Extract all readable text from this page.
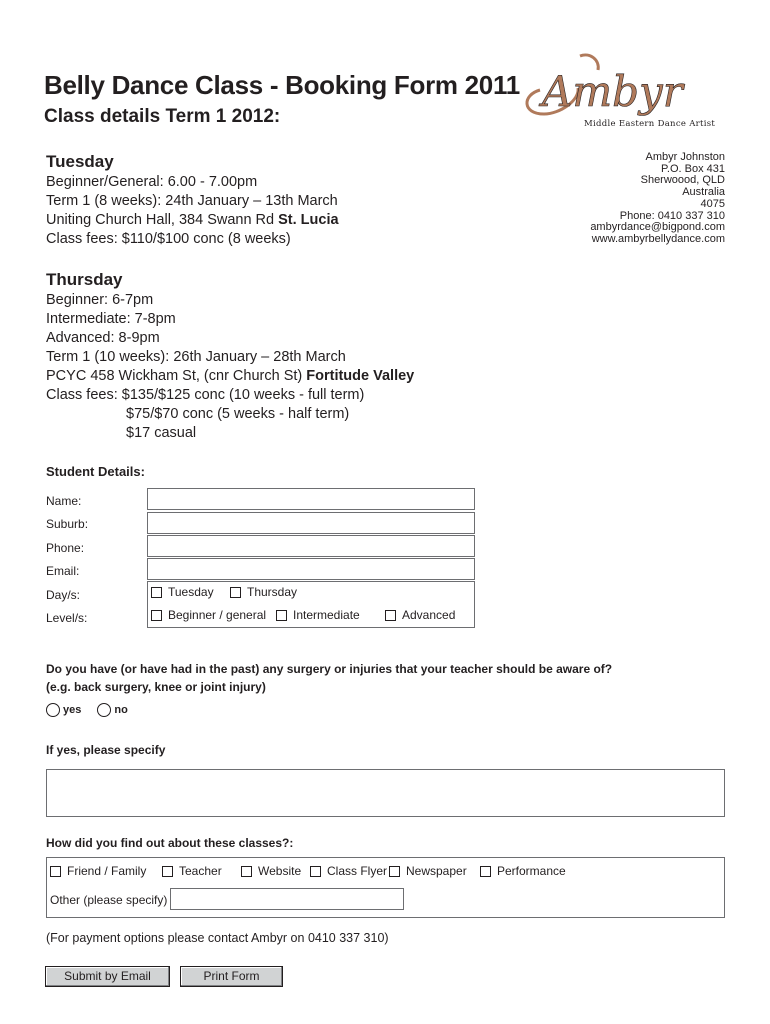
Belly Dance Class - Booking Form 2011
Class details Term 1 2012:
Ambyr
Middle Eastern Dance Artist
Ambyr Johnston
P.O. Box 431
Sherwoood, QLD
Australia
4075
Phone: 0410 337 310
ambyrdance@bigpond.com
www.ambyrbellydance.com
Tuesday
Beginner/General: 6.00 - 7.00pm
Term 1 (8 weeks): 24th January – 13th March
Uniting Church Hall, 384 Swann Rd St. Lucia
Class fees: $110/$100 conc (8 weeks)
Thursday
Beginner: 6-7pm
Intermediate: 7-8pm
Advanced: 8-9pm
Term 1 (10 weeks): 26th January – 28th March
PCYC 458 Wickham St, (cnr Church St) Fortitude Valley
Class fees: $135/$125 conc (10 weeks - full term)
$75/$70 conc (5 weeks - half term)
$17 casual
Student Details:
Name:
Suburb:
Phone:
Email:
Day/s:	Tuesday	Thursday
Level/s:	Beginner / general Intermediate	Advanced
Do you have (or have had in the past) any surgery or injuries that your teacher should be aware of?
(e.g. back surgery, knee or joint injury)
yes	no
If yes, please specify
How did you find out about these classes?:
Friend / Family	Teacher	Website Class Flyer Newspaper	Performance
Other (please specify)
(For payment options please contact Ambyr on 0410 337 310)
Submit by Email	Print Form
